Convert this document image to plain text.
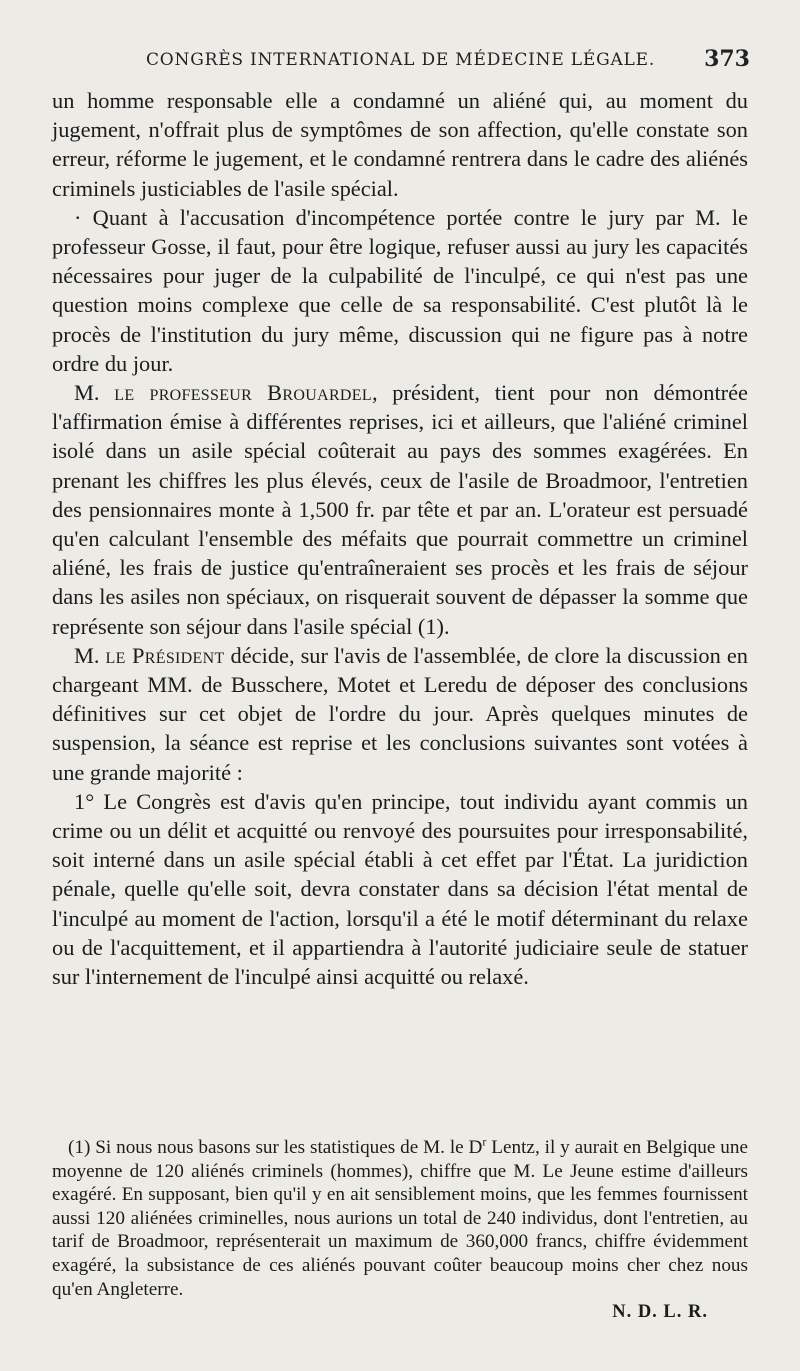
CONGRÈS INTERNATIONAL DE MÉDECINE LÉGALE. 373

un homme responsable elle a condamné un aliéné qui, au moment du jugement, n'offrait plus de symptômes de son affection, qu'elle constate son erreur, réforme le jugement, et le condamné rentrera dans le cadre des aliénés criminels justiciables de l'asile spécial.

· Quant à l'accusation d'incompétence portée contre le jury par M. le professeur Gosse, il faut, pour être logique, refuser aussi au jury les capacités nécessaires pour juger de la culpabilité de l'inculpé, ce qui n'est pas une question moins complexe que celle de sa responsabilité. C'est plutôt là le procès de l'institution du jury même, discussion qui ne figure pas à notre ordre du jour.

M. le professeur Brouardel, président, tient pour non démontrée l'affirmation émise à différentes reprises, ici et ailleurs, que l'aliéné criminel isolé dans un asile spécial coûterait au pays des sommes exagérées. En prenant les chiffres les plus élevés, ceux de l'asile de Broadmoor, l'entretien des pensionnaires monte à 1,500 fr. par tête et par an. L'orateur est persuadé qu'en calculant l'ensemble des méfaits que pourrait commettre un criminel aliéné, les frais de justice qu'entraîneraient ses procès et les frais de séjour dans les asiles non spéciaux, on risquerait souvent de dépasser la somme que représente son séjour dans l'asile spécial (1).

M. le Président décide, sur l'avis de l'assemblée, de clore la discussion en chargeant MM. de Busschere, Motet et Leredu de déposer des conclusions définitives sur cet objet de l'ordre du jour. Après quelques minutes de suspension, la séance est reprise et les conclusions suivantes sont votées à une grande majorité :

1° Le Congrès est d'avis qu'en principe, tout individu ayant commis un crime ou un délit et acquitté ou renvoyé des poursuites pour irresponsabilité, soit interné dans un asile spécial établi à cet effet par l'État. La juridiction pénale, quelle qu'elle soit, devra constater dans sa décision l'état mental de l'inculpé au moment de l'action, lorsqu'il a été le motif déterminant du relaxe ou de l'acquittement, et il appartiendra à l'autorité judiciaire seule de statuer sur l'internement de l'inculpé ainsi acquitté ou relaxé.

(1) Si nous nous basons sur les statistiques de M. le $D^r$ Lentz, il y aurait en Belgique une moyenne de 120 aliénés criminels (hommes), chiffre que M. Le Jeune estime d'ailleurs exagéré. En supposant, bien qu'il y en ait sensiblement moins, que les femmes fournissent aussi 120 aliénées criminelles, nous aurions un total de 240 individus, dont l'entretien, au tarif de Broadmoor, représenterait un maximum de 360,000 francs, chiffre évidemment exagéré, la subsistance de ces aliénés pouvant coûter beaucoup moins cher chez nous qu'en Angleterre.

N. D. L. R.
